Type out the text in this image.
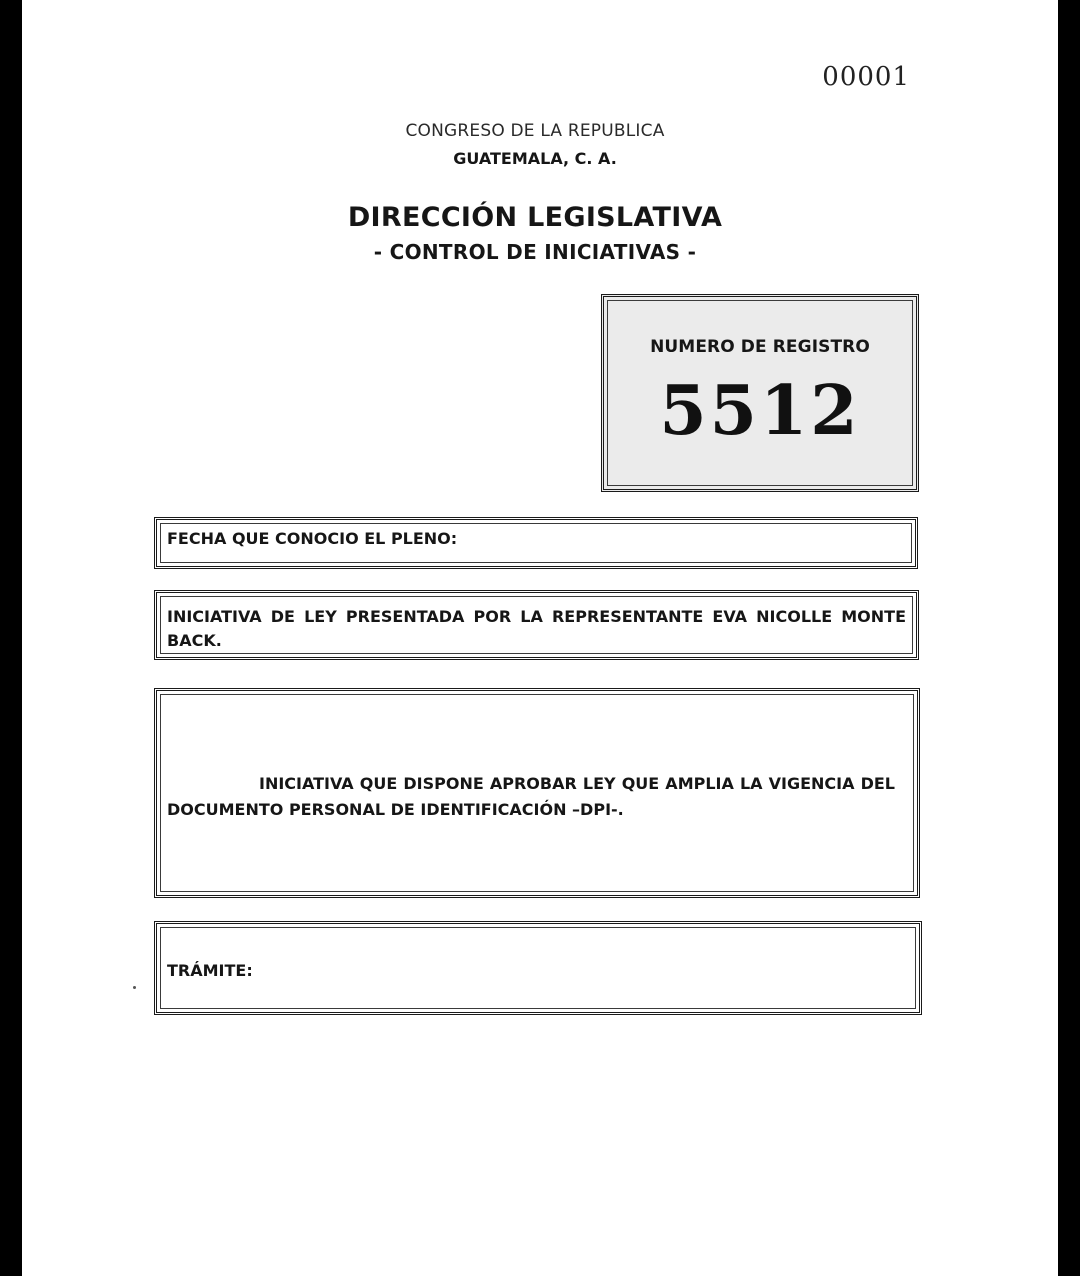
00001
CONGRESO DE LA REPUBLICA
GUATEMALA, C. A.
DIRECCIÓN LEGISLATIVA
- CONTROL DE INICIATIVAS -
NUMERO DE REGISTRO
5512
FECHA QUE CONOCIO EL PLENO:
INICIATIVA DE LEY PRESENTADA POR LA REPRESENTANTE EVA NICOLLE MONTE BACK.
INICIATIVA QUE DISPONE APROBAR LEY QUE AMPLIA LA VIGENCIA DEL DOCUMENTO PERSONAL DE IDENTIFICACIÓN –DPI-.
TRÁMITE:
